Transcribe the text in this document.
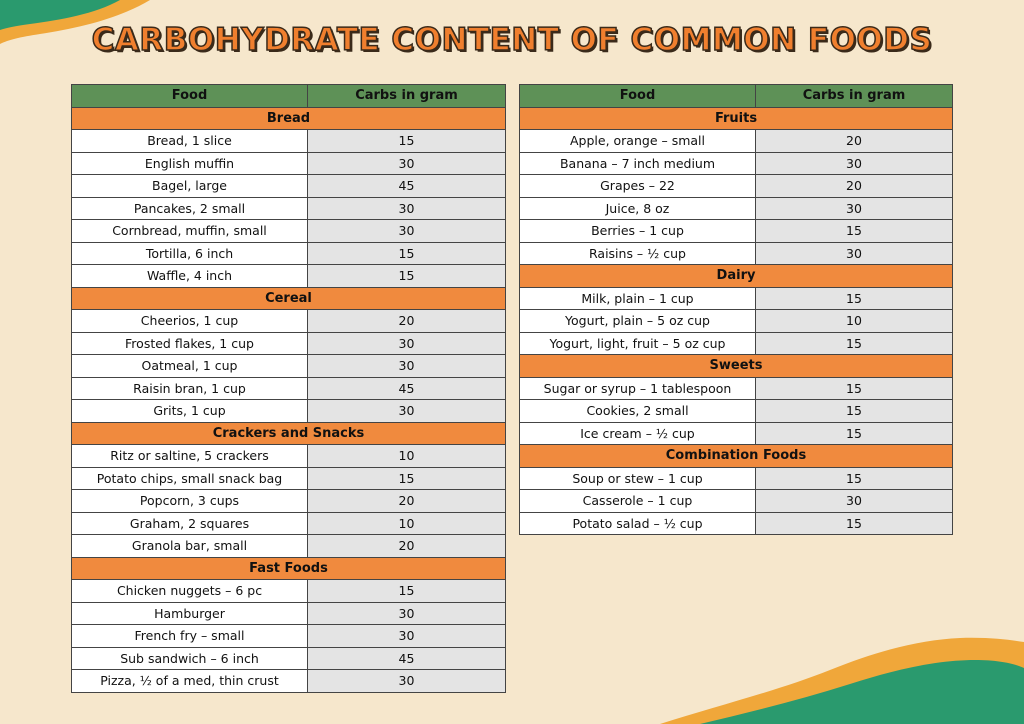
CARBOHYDRATE CONTENT OF COMMON FOODS
Food	Carbs in gram
Bread	
Bread, 1 slice	15
English muffin	30
Bagel, large	45
Pancakes, 2 small	30
Cornbread, muffin, small	30
Tortilla, 6 inch	15
Waffle, 4 inch	15
Cereal	
Cheerios, 1 cup	20
Frosted flakes, 1 cup	30
Oatmeal, 1 cup	30
Raisin bran, 1 cup	45
Grits, 1 cup	30
Crackers and Snacks	
Ritz or saltine, 5 crackers	10
Potato chips, small snack bag	15
Popcorn, 3 cups	20
Graham, 2 squares	10
Granola bar, small	20
Fast Foods	
Chicken nuggets – 6 pc	15
Hamburger	30
French fry – small	30
Sub sandwich – 6 inch	45
Pizza, ½ of a med, thin crust	30
Food	Carbs in gram
Fruits	
Apple, orange – small	20
Banana – 7 inch medium	30
Grapes – 22	20
Juice, 8 oz	30
Berries – 1 cup	15
Raisins – ½ cup	30
Dairy	
Milk, plain – 1 cup	15
Yogurt, plain – 5 oz cup	10
Yogurt, light, fruit – 5 oz cup	15
Sweets	
Sugar or syrup – 1 tablespoon	15
Cookies, 2 small	15
Ice cream – ½ cup	15
Combination Foods	
Soup or stew – 1 cup	15
Casserole – 1 cup	30
Potato salad – ½ cup	15
